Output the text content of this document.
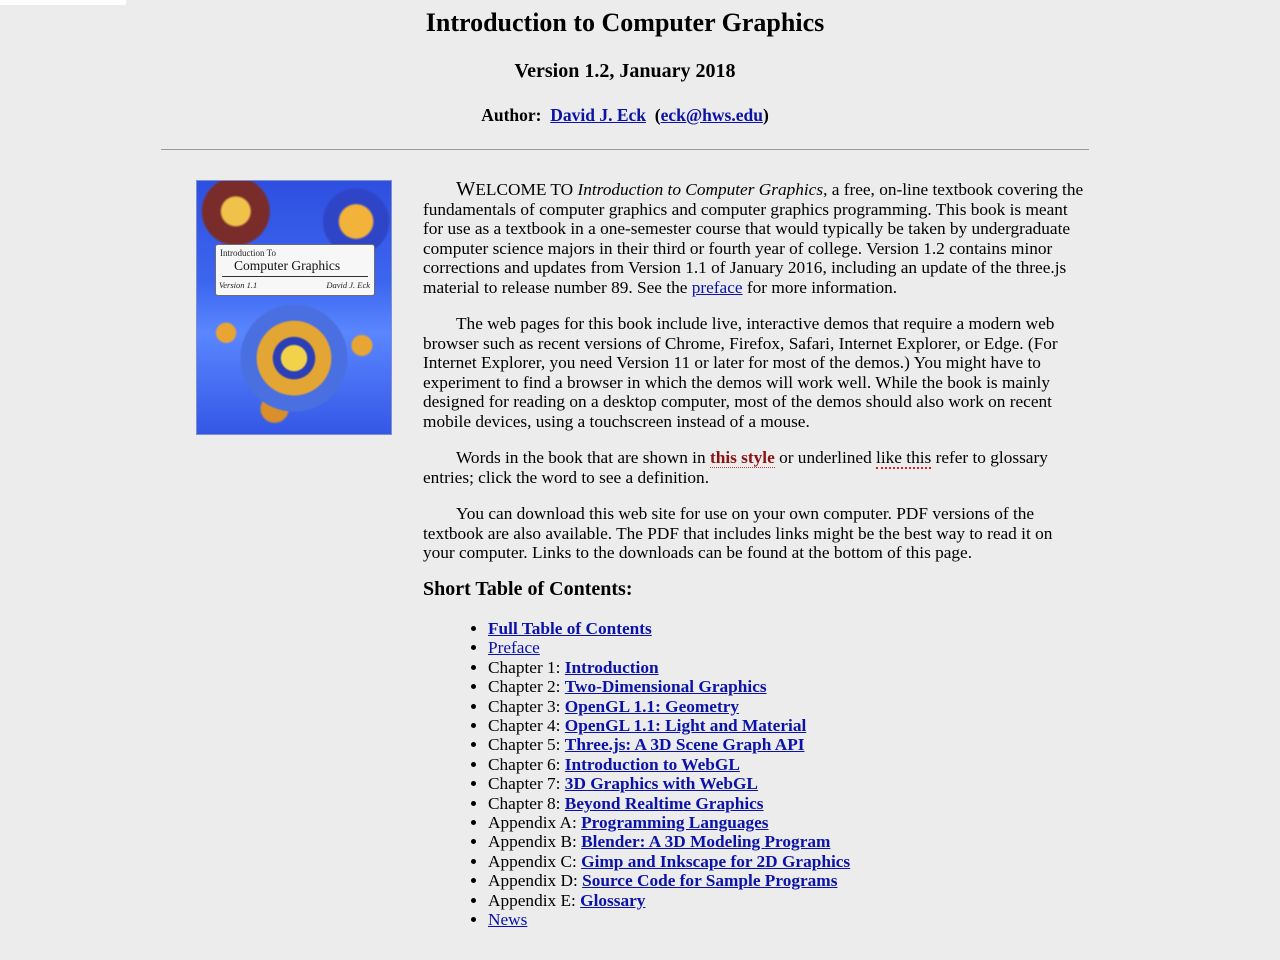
Introduction to Computer Graphics
Version 1.2, January 2018
Author: David J. Eck (eck@hws.edu)
Introduction To
Computer Graphics
Version 1.1	David J. Eck

WELCOME TO Introduction to Computer Graphics, a free, on-line textbook covering the fundamentals of computer graphics and computer graphics programming. This book is meant for use as a textbook in a one-semester course that would typically be taken by undergraduate computer science majors in their third or fourth year of college. Version 1.2 contains minor corrections and updates from Version 1.1 of January 2016, including an update of the three.js material to release number 89. See the preface for more information.

The web pages for this book include live, interactive demos that require a modern web browser such as recent versions of Chrome, Firefox, Safari, Internet Explorer, or Edge. (For Internet Explorer, you need Version 11 or later for most of the demos.) You might have to experiment to find a browser in which the demos will work well. While the book is mainly designed for reading on a desktop computer, most of the demos should also work on recent mobile devices, using a touchscreen instead of a mouse.

Words in the book that are shown in this style or underlined like this refer to glossary entries; click the word to see a definition.

You can download this web site for use on your own computer. PDF versions of the textbook are also available. The PDF that includes links might be the best way to read it on your computer. Links to the downloads can be found at the bottom of this page.

Short Table of Contents:
• Full Table of Contents
• Preface
• Chapter 1: Introduction
• Chapter 2: Two-Dimensional Graphics
• Chapter 3: OpenGL 1.1: Geometry
• Chapter 4: OpenGL 1.1: Light and Material
• Chapter 5: Three.js: A 3D Scene Graph API
• Chapter 6: Introduction to WebGL
• Chapter 7: 3D Graphics with WebGL
• Chapter 8: Beyond Realtime Graphics
• Appendix A: Programming Languages
• Appendix B: Blender: A 3D Modeling Program
• Appendix C: Gimp and Inkscape for 2D Graphics
• Appendix D: Source Code for Sample Programs
• Appendix E: Glossary
• News
